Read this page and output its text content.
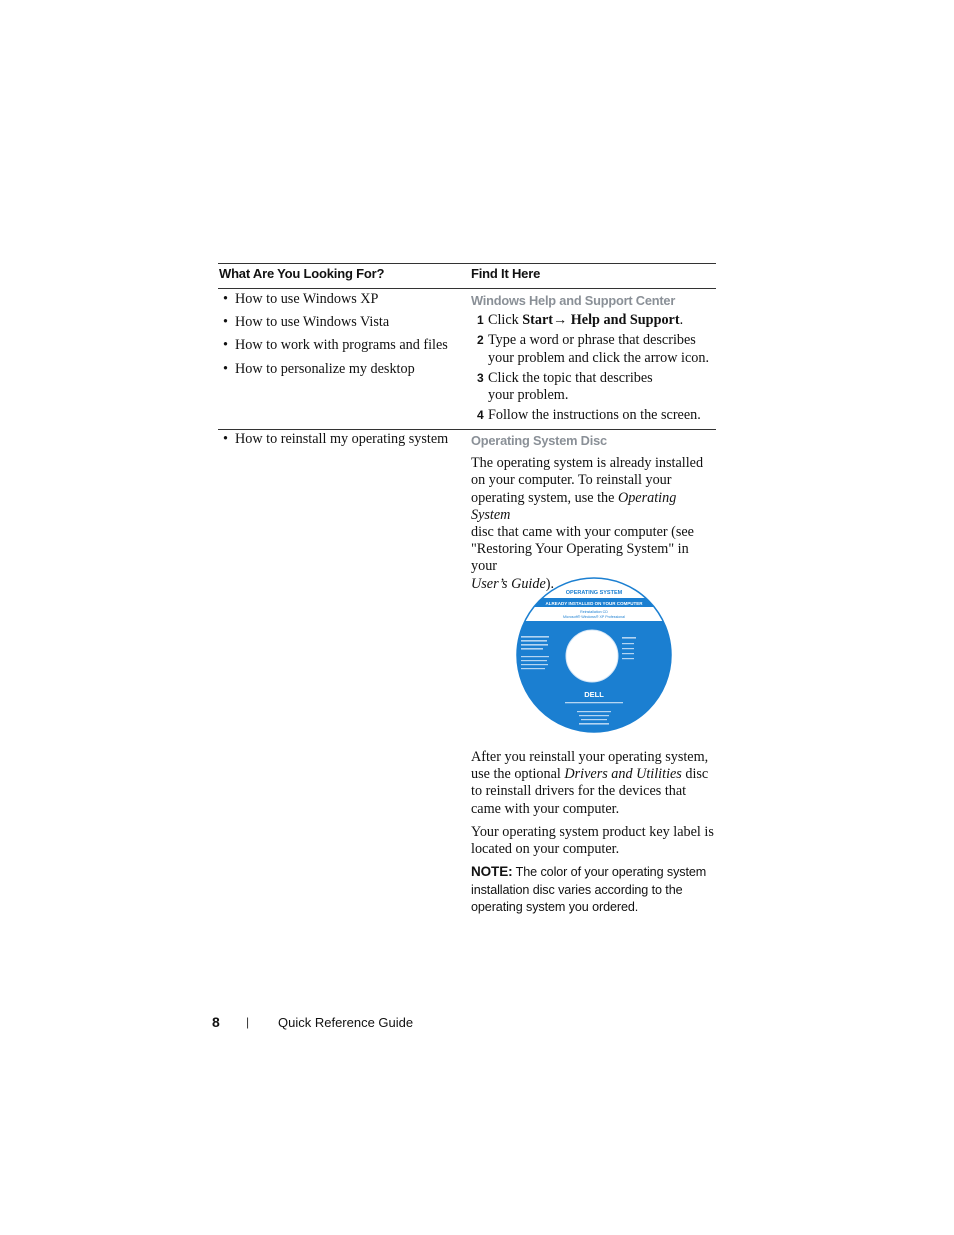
What Are You Looking For?	Find It Here
• How to use Windows XP
• How to use Windows Vista
• How to work with programs and files
• How to personalize my desktop
Windows Help and Support Center
1 Click Start→ Help and Support.
2 Type a word or phrase that describes
your problem and click the arrow icon.
3 Click the topic that describes
your problem.
4 Follow the instructions on the screen.
• How to reinstall my operating system Operating System Disc
The operating system is already installed
on your computer. To reinstall your
operating system, use the Operating System
disc that came with your computer (see
"Restoring Your Operating System" in your
User’s Guide).
OPERATING SYSTEM
ALREADY INSTALLED ON YOUR COMPUTER
Reinstallation CD
Microsoft® Windows® XP Professional
DELL
After you reinstall your operating system,
use the optional Drivers and Utilities disc
to reinstall drivers for the devices that
came with your computer.
Your operating system product key label is
located on your computer.
NOTE: The color of your operating system
installation disc varies according to the
operating system you ordered.
8 | Quick Reference Guide
